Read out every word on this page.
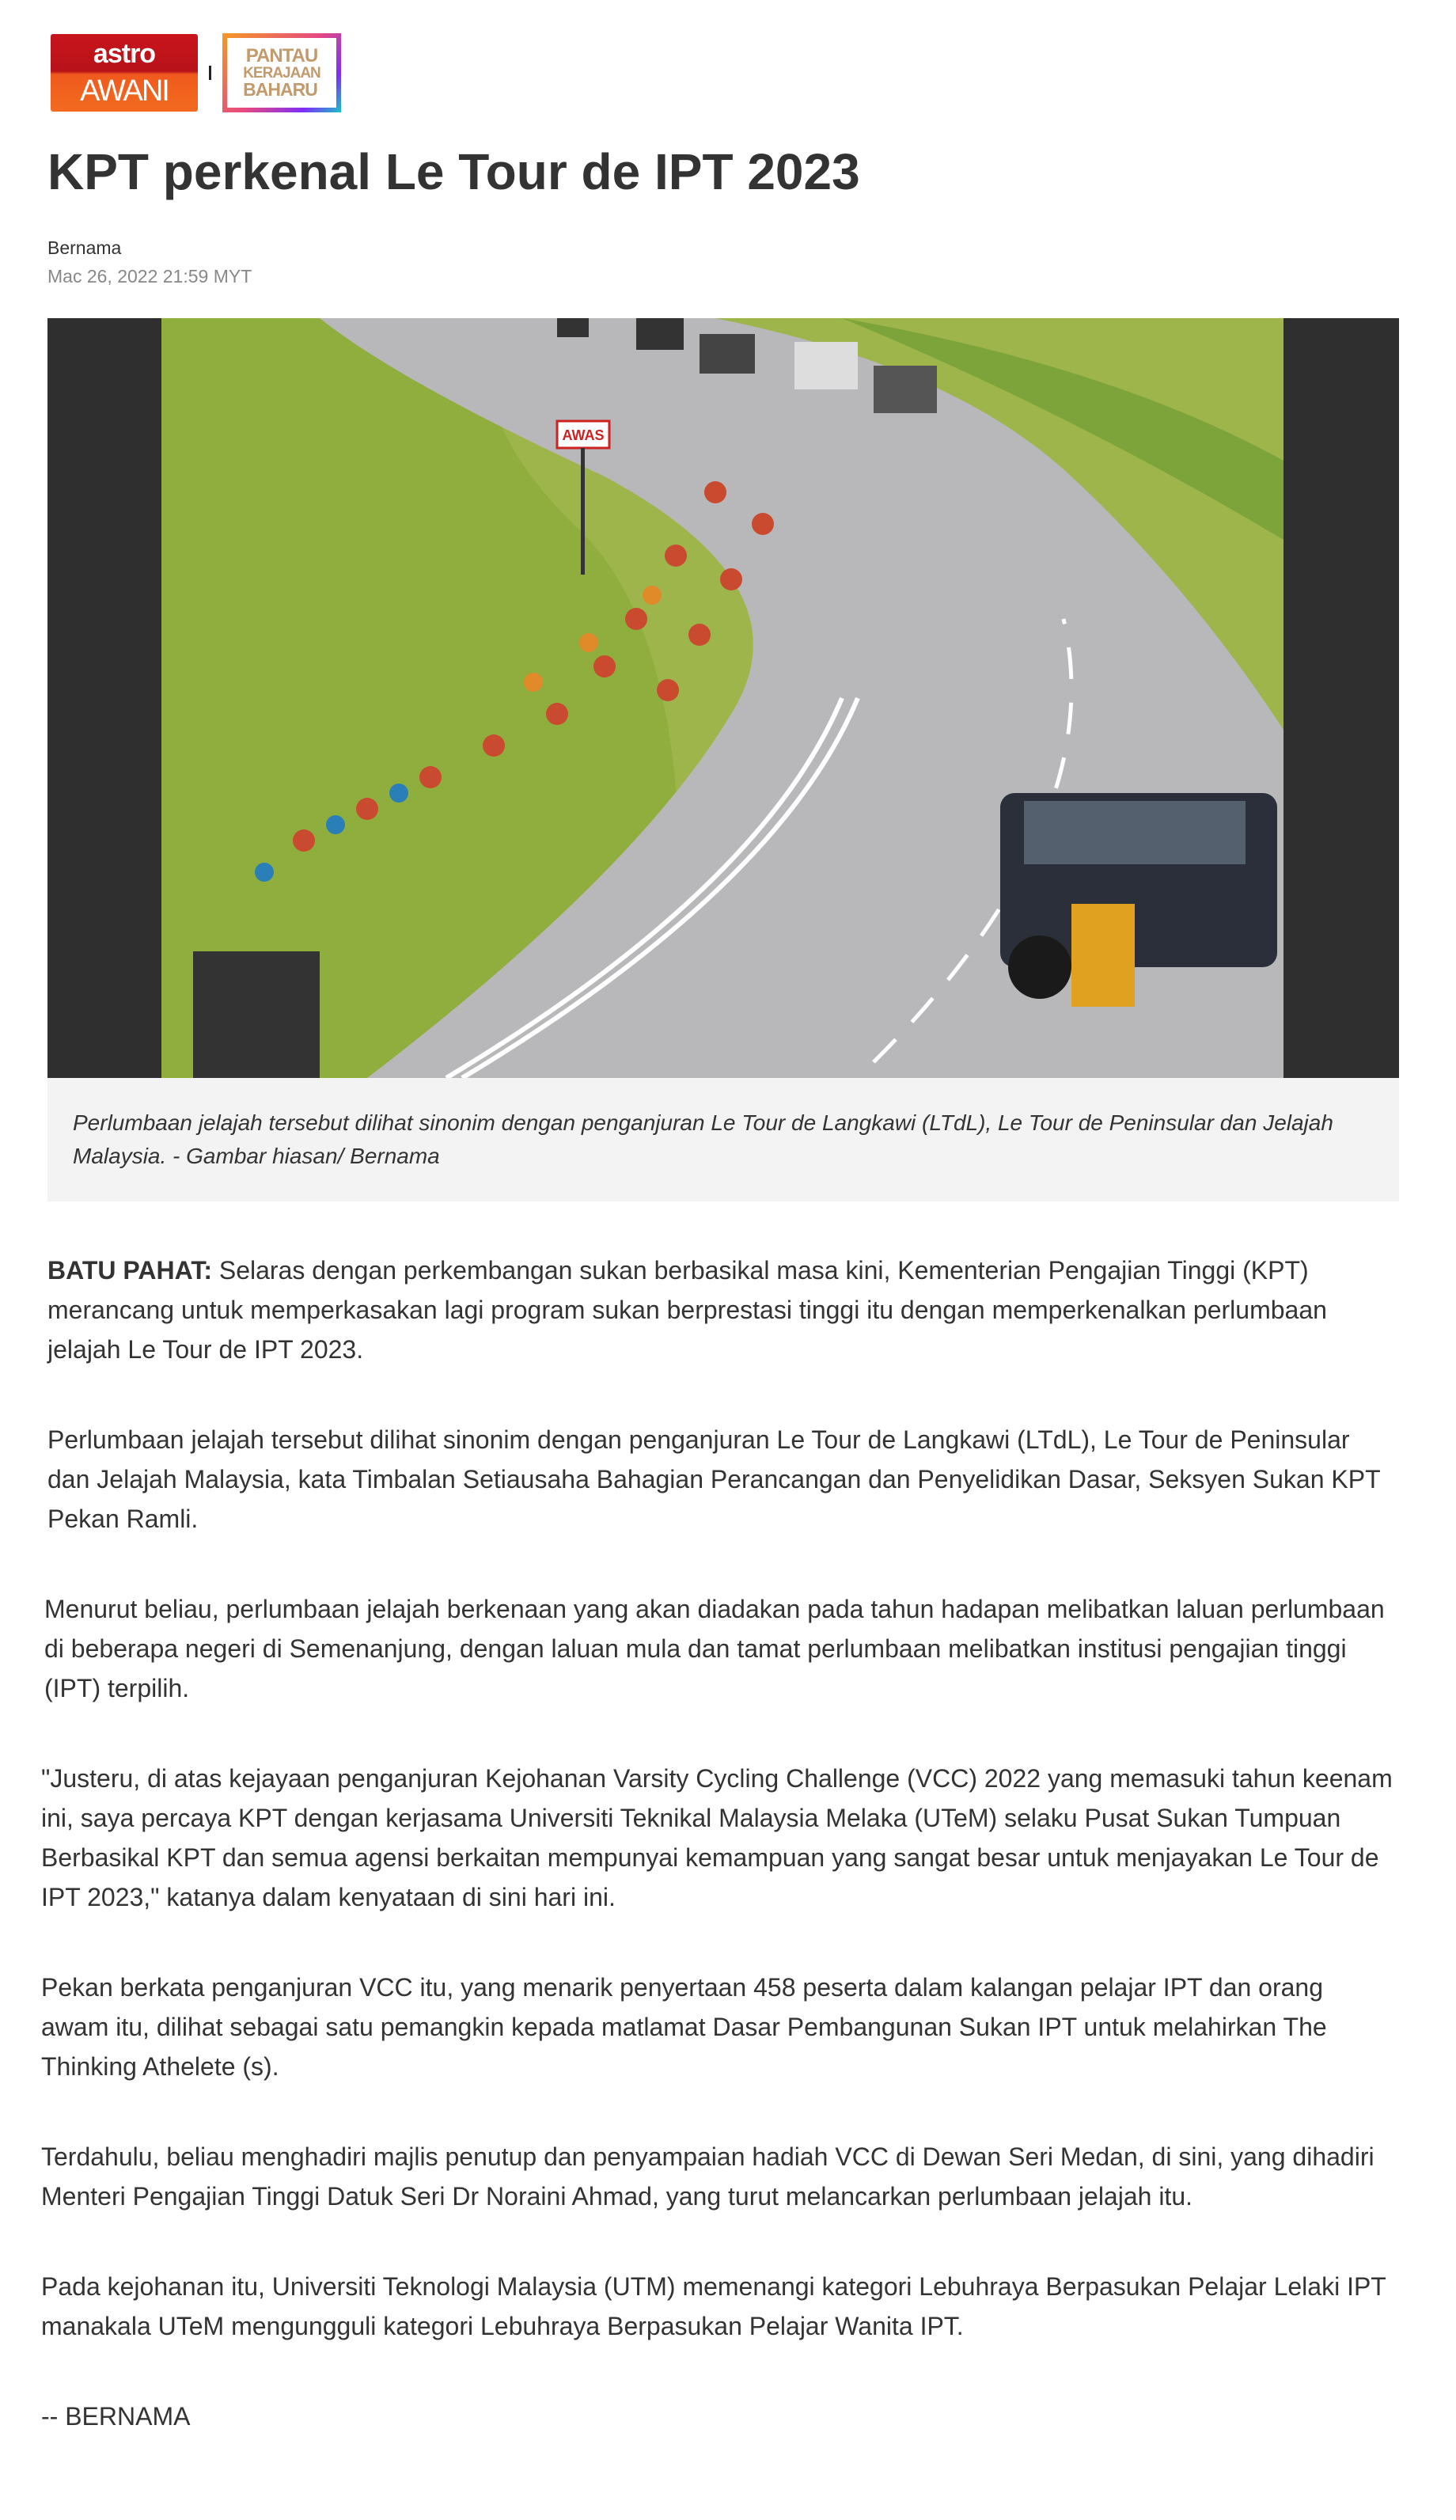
astro
AWANI
PANTAU
KERAJAAN
BAHARU
KPT perkenal Le Tour de IPT 2023
Bernama
Mac 26, 2022 21:59 MYT
AWAS
Perlumbaan jelajah tersebut dilihat sinonim dengan penganjuran Le Tour de Langkawi (LTdL), Le Tour de Peninsular dan Jelajah Malaysia. - Gambar hiasan/ Bernama

BATU PAHAT: Selaras dengan perkembangan sukan berbasikal masa kini, Kementerian Pengajian Tinggi (KPT) merancang untuk memperkasakan lagi program sukan berprestasi tinggi itu dengan memperkenalkan perlumbaan jelajah Le Tour de IPT 2023.

Perlumbaan jelajah tersebut dilihat sinonim dengan penganjuran Le Tour de Langkawi (LTdL), Le Tour de Peninsular dan Jelajah Malaysia, kata Timbalan Setiausaha Bahagian Perancangan dan Penyelidikan Dasar, Seksyen Sukan KPT Pekan Ramli.

Menurut beliau, perlumbaan jelajah berkenaan yang akan diadakan pada tahun hadapan melibatkan laluan perlumbaan di beberapa negeri di Semenanjung, dengan laluan mula dan tamat perlumbaan melibatkan institusi pengajian tinggi (IPT) terpilih.

"Justeru, di atas kejayaan penganjuran Kejohanan Varsity Cycling Challenge (VCC) 2022 yang memasuki tahun keenam ini, saya percaya KPT dengan kerjasama Universiti Teknikal Malaysia Melaka (UTeM) selaku Pusat Sukan Tumpuan Berbasikal KPT dan semua agensi berkaitan mempunyai kemampuan yang sangat besar untuk menjayakan Le Tour de IPT 2023," katanya dalam kenyataan di sini hari ini.

Pekan berkata penganjuran VCC itu, yang menarik penyertaan 458 peserta dalam kalangan pelajar IPT dan orang awam itu, dilihat sebagai satu pemangkin kepada matlamat Dasar Pembangunan Sukan IPT untuk melahirkan The Thinking Athelete (s).

Terdahulu, beliau menghadiri majlis penutup dan penyampaian hadiah VCC di Dewan Seri Medan, di sini, yang dihadiri Menteri Pengajian Tinggi Datuk Seri Dr Noraini Ahmad, yang turut melancarkan perlumbaan jelajah itu.

Pada kejohanan itu, Universiti Teknologi Malaysia (UTM) memenangi kategori Lebuhraya Berpasukan Pelajar Lelaki IPT manakala UTeM mengungguli kategori Lebuhraya Berpasukan Pelajar Wanita IPT.

-- BERNAMA
